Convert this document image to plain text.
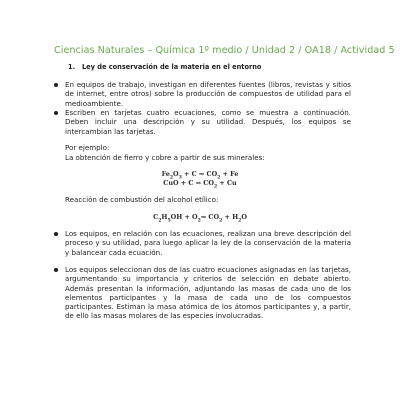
Ciencias Naturales – Química 1º medio / Unidad 2 / OA18 / Actividad 5
1. Ley de conservación de la materia en el entorno
En equipos de trabajo, investigan en diferentes fuentes (libros, revistas y sitios de internet, entre otros) sobre la producción de compuestos de utilidad para el medioambiente.
Escriben en tarjetas cuatro ecuaciones, como se muestra a continuación. Deben incluir una descripción y su utilidad. Después, los equipos se intercambian las tarjetas.
Por ejemplo:
La obtención de fierro y cobre a partir de sus minerales:
$Fe_2O_3 + C$ ⇒ $CO_2 + Fe$
CuO + C ⇒ $CO_2 + Cu$
Reacción de combustión del alcohol etílico:
$C_2H_5OH$ + $O_2\Rightarrow$ $CO_2 + H_2O$
Los equipos, en relación con las ecuaciones, realizan una breve descripción del proceso y su utilidad, para luego aplicar la ley de la conservación de la materia y balancear cada ecuación.
Los equipos seleccionan dos de las cuatro ecuaciones asignadas en las tarjetas, argumentando su importancia y criterios de selección en debate abierto. Además presentan la información, adjuntando las masas de cada uno de los elementos participantes y la masa de cada uno de los compuestos participantes. Estiman la masa atómica de los átomos participantes y, a partir, de ello las masas molares de las especies involucradas.
